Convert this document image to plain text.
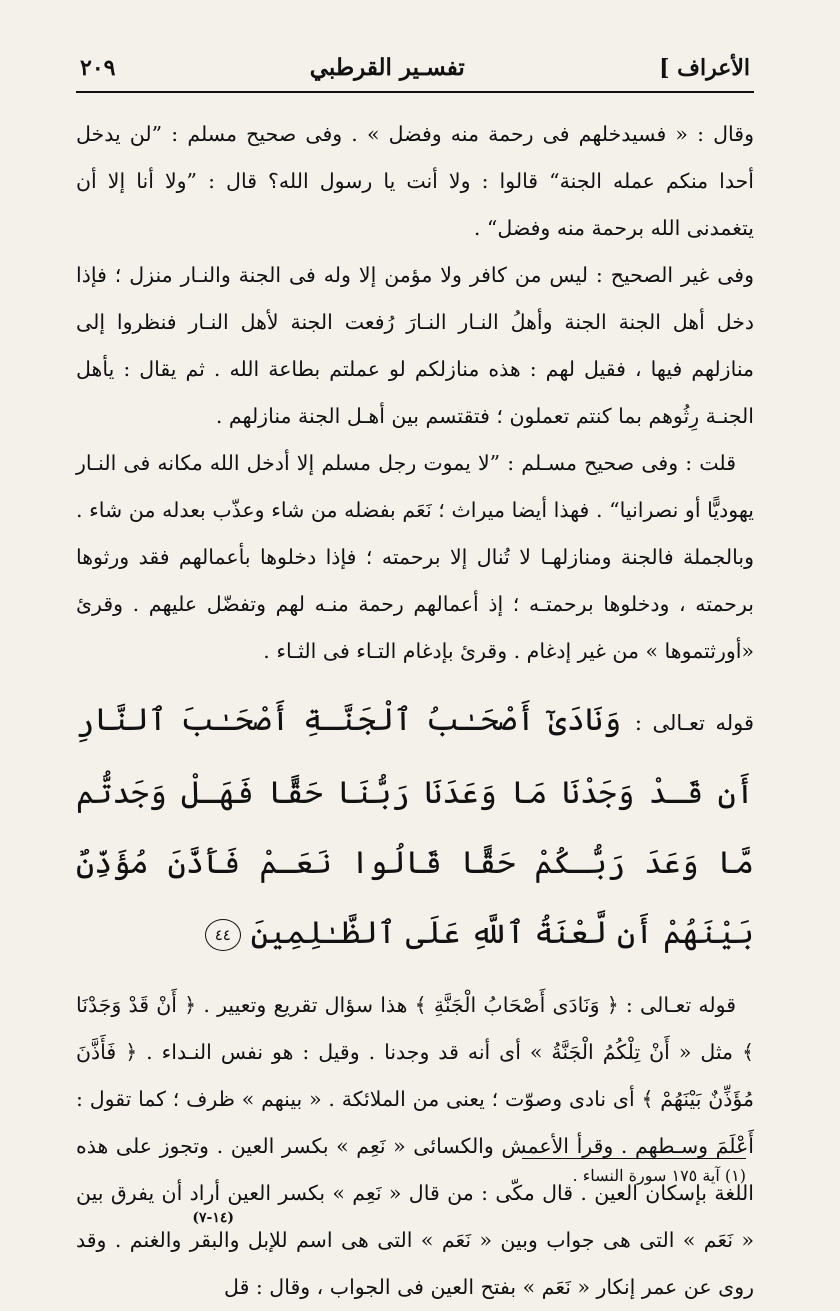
الأعراف ]
تفسـير القرطبي
٢٠٩

وقال : « فسيدخلهم فى رحمة منه وفضل » . وفى صحيح مسلم : ”لن يدخل أحدا منكم عمله الجنة“ قالوا : ولا أنت يا رسول الله؟ قال : ”ولا أنا إلا أن يتغمدنى الله برحمة منه وفضل“ .

وفى غير الصحيح : ليس من كافر ولا مؤمن إلا وله فى الجنة والنـار منزل ؛ فإذا دخل أهل الجنة الجنة وأهلُ النـار النـارَ رُفعت الجنة لأهل النـار فنظروا إلى منازلهم فيها ، فقيل لهم : هذه منازلكم لو عملتم بطاعة الله . ثم يقال : يأهل الجنـة رِثُوهم بما كنتم تعملون ؛ فتقتسم بين أهـل الجنة منازلهم .

قلت : وفى صحيح مسـلم : ”لا يموت رجل مسلم إلا أدخل الله مكانه فى النـار يهوديًّا أو نصرانيا“ . فهذا أيضا ميراث ؛ نَعَم بفضله من شاء وعذّب بعدله من شاء . وبالجملة فالجنة ومنازلهـا لا تُنال إلا برحمته ؛ فإذا دخلوها بأعمالهم فقد ورثوها برحمته ، ودخلوها برحمتـه ؛ إذ أعمالهم رحمة منـه لهم وتفضّل عليهم . وقرئ «أورثتموها » من غير إدغام . وقرئ بإدغام التـاء فى الثـاء .

قوله تعـالى : وَنَادَىٰٓ أَصْحَـٰبُ ٱلْجَنَّـةِ أَصْحَـٰبَ ٱلنَّارِ أَن قَـدْ وَجَدْنَا مَا وَعَدَنَا رَبُّنَا حَقًّا فَهَـلْ وَجَدتُّم مَّا وَعَدَ رَبُّـكُمْ حَقًّا قَالُوا نَعَـمْ فَأَذَّنَ مُؤَذِّنٌ بَيْنَهُمْ أَن لَّعْنَةُ ٱللَّهِ عَلَى ٱلظَّـٰلِمِينَ ٤٤

قوله تعـالى : ﴿ وَنَادَى أَصْحَابُ الْجَنَّةِ ﴾ هذا سؤال تقريع وتعيير . ﴿ أَنْ قَدْ وَجَدْنَا ﴾ مثل « أَنْ تِلْكُمُ الْجَنَّةُ » أى أنه قد وجدنا . وقيل : هو نفس النـداء . ﴿ فَأَذَّنَ مُؤَذِّنٌ بَيْنَهُمْ ﴾ أى نادى وصوّت ؛ يعنى من الملائكة . « بينهم » ظرف ؛ كما تقول : أَعْلَمَ وسـطهم . وقرأ الأعمش والكسائى « نَعِم » بكسر العين . وتجوز على هذه اللغة بإسكان العين . قال مكّى : من قال « نَعِم » بكسر العين أراد أن يفرق بين « نَعَم » التى هى جواب وبين « نَعَم » التى هى اسم للإبل والبقر والغنم . وقد روى عن عمر إنكار « نَعَم » بفتح العين فى الجواب ، وقال : قل

(١) آية ١٧٥ سورة النساء .
(١٤-٧)
